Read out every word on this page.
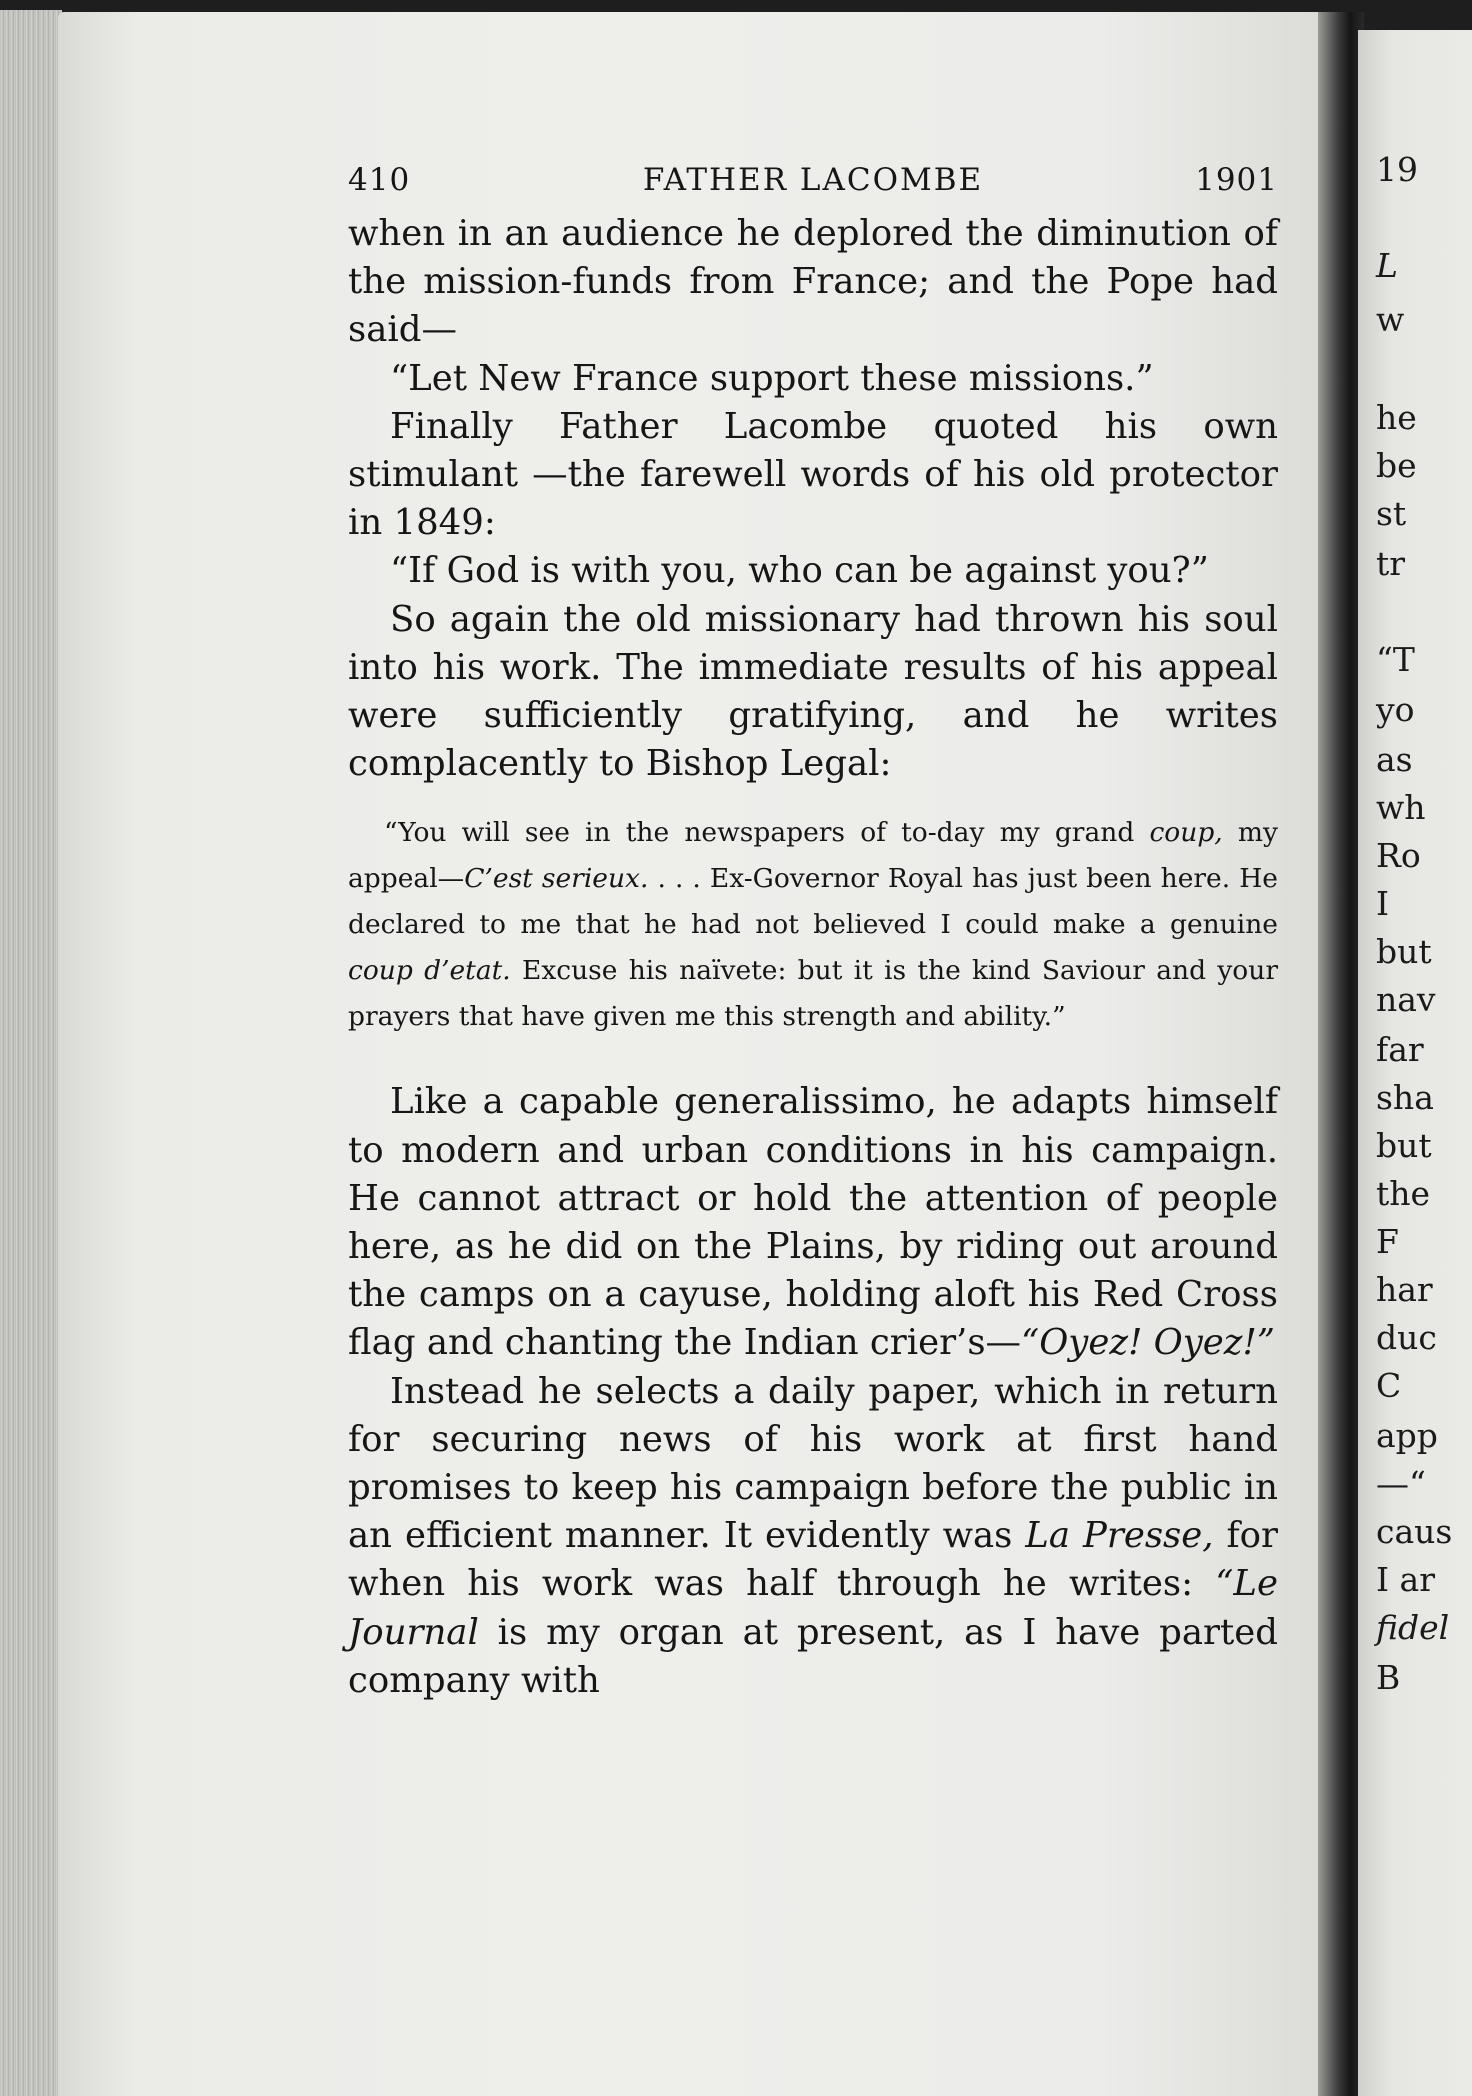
410	FATHER LACOMBE	1901

when in an audience he deplored the diminution of the mission-funds from France; and the Pope had said—

“Let New France support these missions.”

Finally Father Lacombe quoted his own stimulant —the farewell words of his old protector in 1849:

“If God is with you, who can be against you?”

So again the old missionary had thrown his soul into his work. The immediate results of his appeal were sufficiently gratifying, and he writes complacently to Bishop Legal:

“You will see in the newspapers of to-day my grand coup, my appeal—C’est serieux. . . . Ex-Governor Royal has just been here. He declared to me that he had not believed I could make a genuine coup d’etat. Excuse his naïvete: but it is the kind Saviour and your prayers that have given me this strength and ability.”

Like a capable generalissimo, he adapts himself to modern and urban conditions in his campaign. He cannot attract or hold the attention of people here, as he did on the Plains, by riding out around the camps on a cayuse, holding aloft his Red Cross flag and chanting the Indian crier’s—“Oyez! Oyez!”

Instead he selects a daily paper, which in return for securing news of his work at first hand promises to keep his campaign before the public in an efficient manner. It evidently was La Presse, for when his work was half through he writes: “Le Journal is my organ at present, as I have parted company with

19
L
w
he
be
st
tr
“T
yo
as
wh
Ro
I
but
nav
far
sha
but
the
F
har
duc
C
app
—“
caus
I ar
fidel
B
